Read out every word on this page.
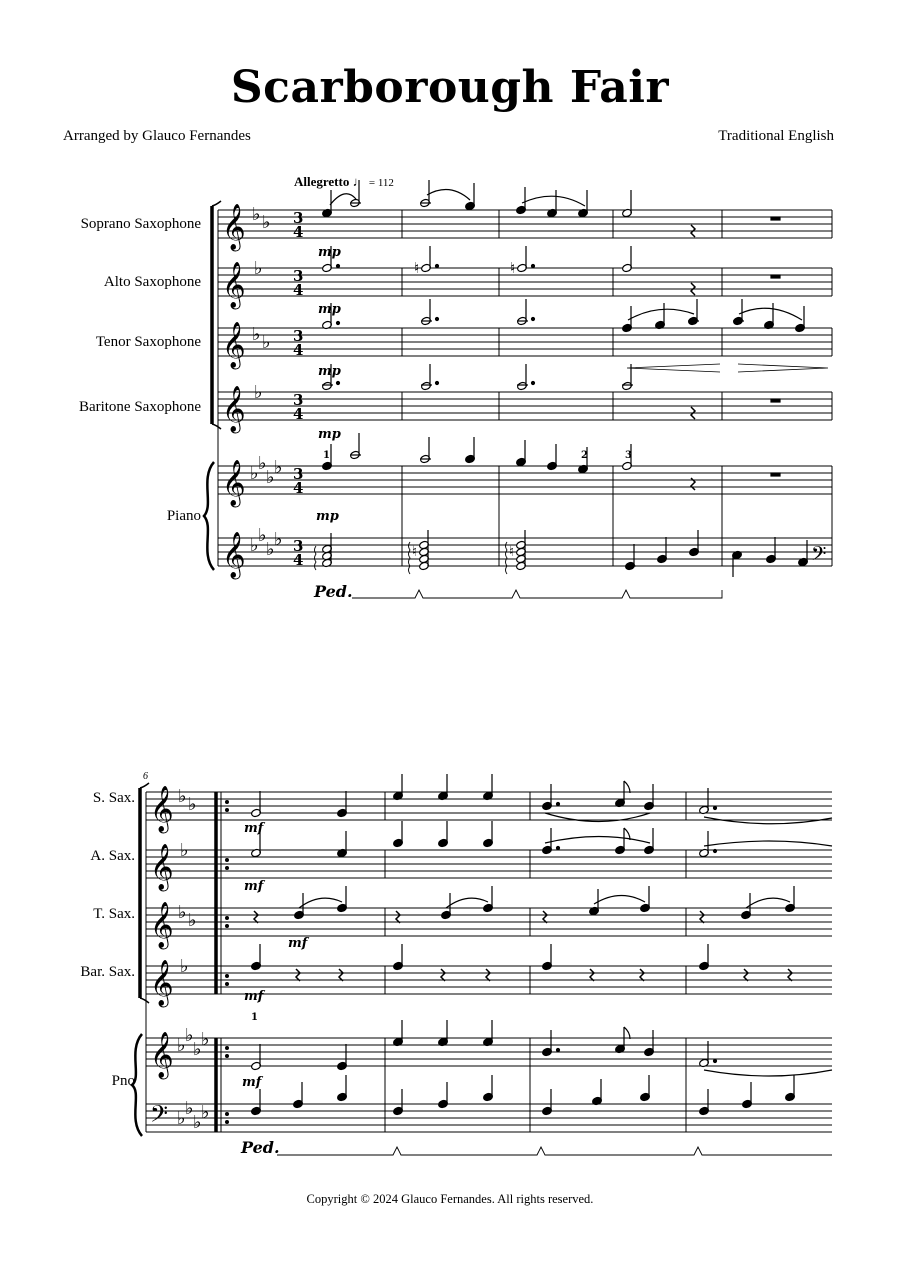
Scarborough Fair
Arranged by Glauco Fernandes	Traditional English
Allegretto ♩ = 112
Soprano Saxophone
Alto Saxophone
Tenor Saxophone
Baritone Saxophone
Piano
6
S. Sax.
A. Sax.
T. Sax.
Bar. Sax.
Pno
𝄞
𝄞
𝄞
𝄞
𝄞
𝄞
♭ ♭
♭
♭ ♭
♭
♭ ♭
♭ ♭
♭ ♭
♭ ♭
3
4
3
4
3
4
3
4
3
4
3
4
♮	♮
♮	♮	𝄢
mp
mp
mp
mp
mp
1	2	3
Ped.
𝄞
𝄞
𝄞
𝄞
𝄞
𝄢
♭ ♭
♭
♭ ♭
♭
♭ ♭
♭ ♭
♭ ♭
♭ ♭
mf
mf
mf
mf
mf
1
Ped.
Copyright © 2024 Glauco Fernandes. All rights reserved.
